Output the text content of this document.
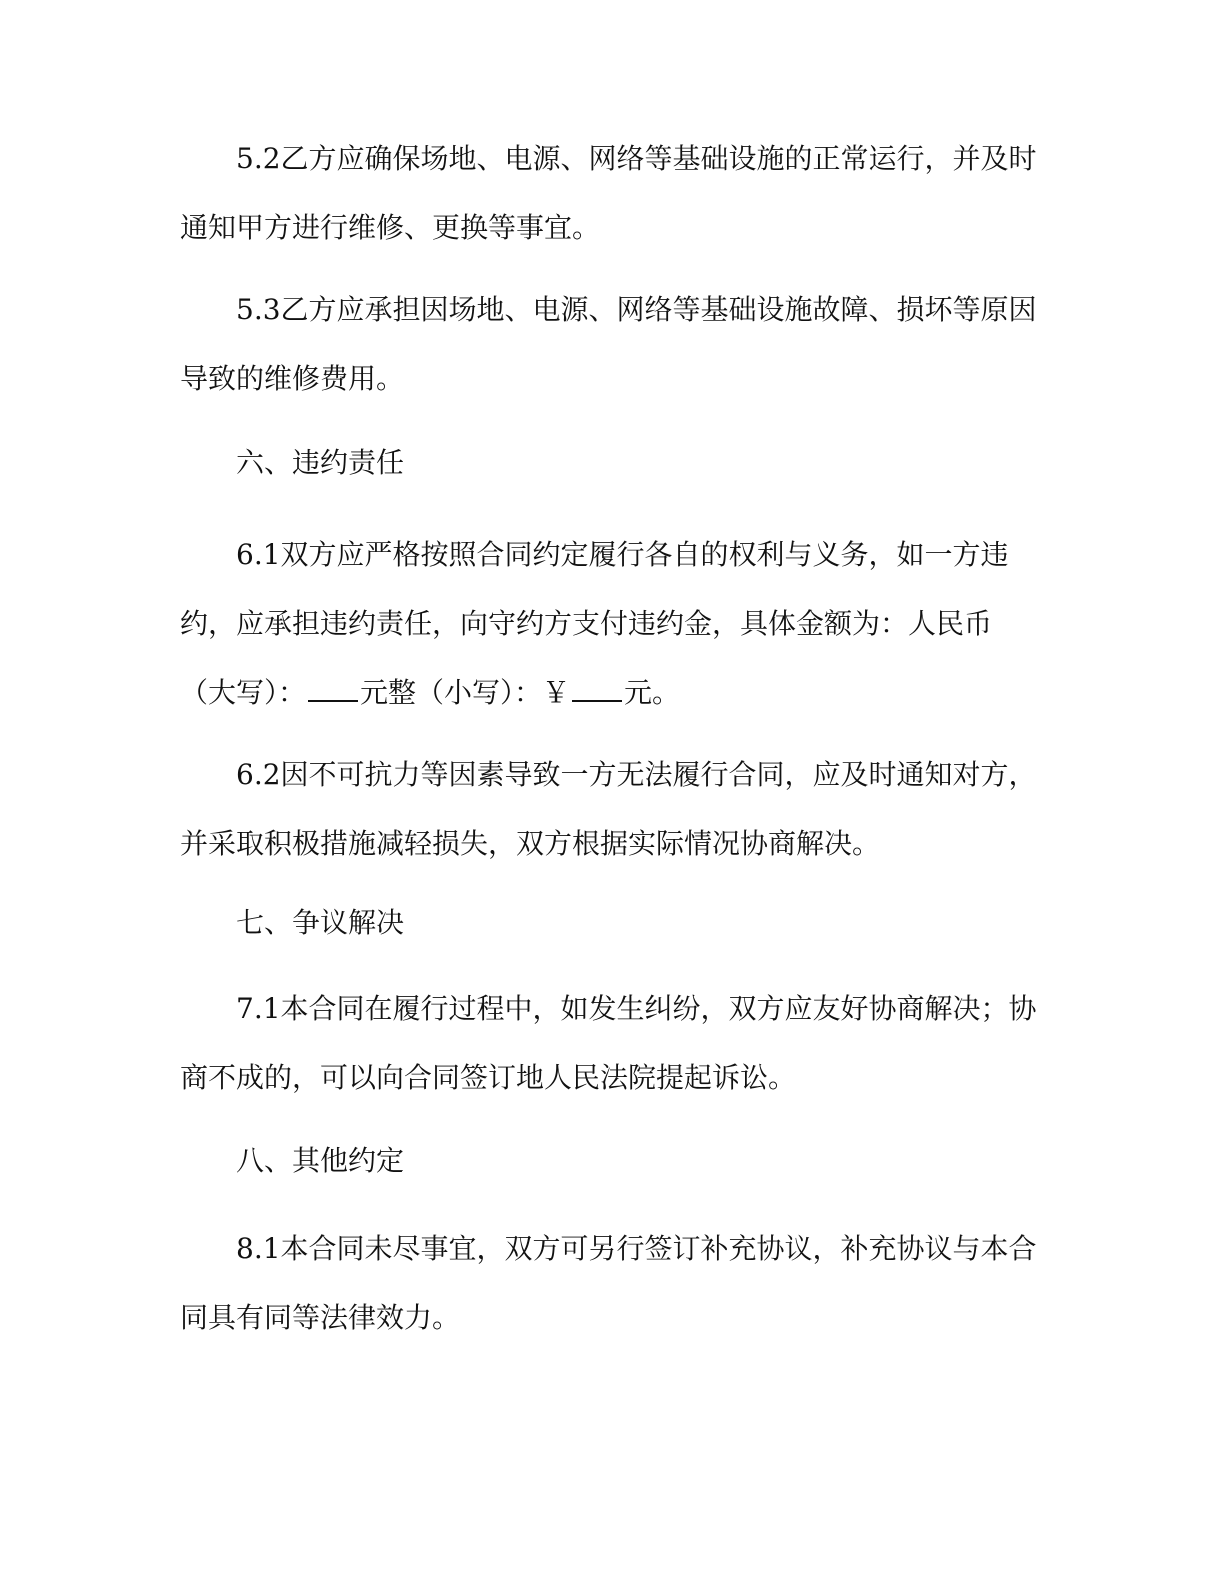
5.2乙方应确保场地、电源、网络等基础设施的正常运行，并及时通知甲方进行维修、更换等事宜。

5.3乙方应承担因场地、电源、网络等基础设施故障、损坏等原因导致的维修费用。

六、违约责任

6.1双方应严格按照合同约定履行各自的权利与义务，如一方违约，应承担违约责任，向守约方支付违约金，具体金额为：人民币（大写）： 元整（小写）：￥ 元。

6.2因不可抗力等因素导致一方无法履行合同，应及时通知对方，并采取积极措施减轻损失，双方根据实际情况协商解决。

七、争议解决

7.1本合同在履行过程中，如发生纠纷，双方应友好协商解决；协商不成的，可以向合同签订地人民法院提起诉讼。

八、其他约定

8.1本合同未尽事宜，双方可另行签订补充协议，补充协议与本合同具有同等法律效力。
